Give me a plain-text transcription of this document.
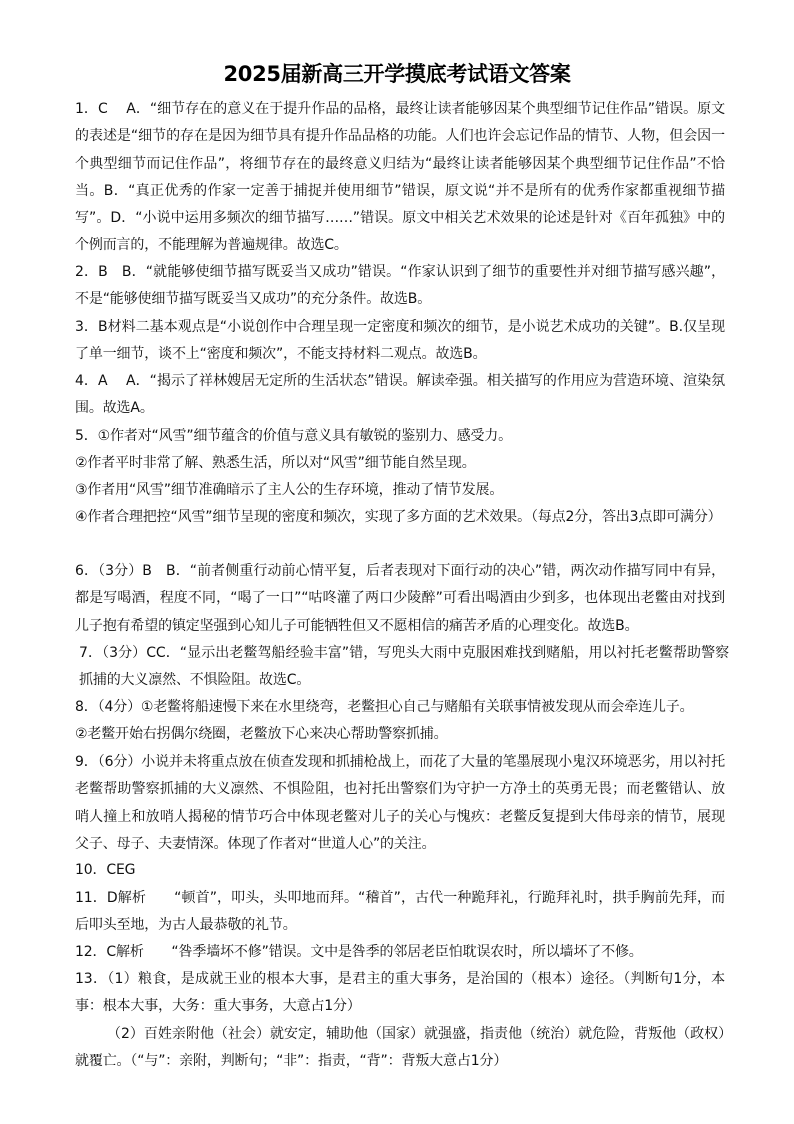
2025届新高三开学摸底考试语文答案

1．C　 A．“细节存在的意义在于提升作品的品格，最终让读者能够因某个典型细节记住作品”错误。原文的表述是“细节的存在是因为细节具有提升作品品格的功能。人们也许会忘记作品的情节、人物，但会因一个典型细节而记住作品”，将细节存在的最终意义归结为“最终让读者能够因某个典型细节记住作品”不恰当。B．“真正优秀的作家一定善于捕捉并使用细节”错误，原文说“并不是所有的优秀作家都重视细节描写”。D．“小说中运用多频次的细节描写……”错误。原文中相关艺术效果的论述是针对《百年孤独》中的个例而言的，不能理解为普遍规律。故选C。

2．B　B．“就能够使细节描写既妥当又成功”错误。“作家认识到了细节的重要性并对细节描写感兴趣”，不是“能够使细节描写既妥当又成功”的充分条件。故选B。

3．B材料二基本观点是“小说创作中合理呈现一定密度和频次的细节，是小说艺术成功的关键”。B.仅呈现了单一细节，谈不上“密度和频次”，不能支持材料二观点。故选B。

4．A　 A．“揭示了祥林嫂居无定所的生活状态”错误。解读牵强。相关描写的作用应为营造环境、渲染氛围。故选A。

5．①作者对“风雪”细节蕴含的价值与意义具有敏锐的鉴别力、感受力。

②作者平时非常了解、熟悉生活，所以对“风雪”细节能自然呈现。

③作者用“风雪”细节准确暗示了主人公的生存环境，推动了情节发展。

④作者合理把控“风雪”细节呈现的密度和频次，实现了多方面的艺术效果。（每点2分，答出3点即可满分）

6．（3分）B　B．“前者侧重行动前心情平复，后者表现对下面行动的决心”错，两次动作描写同中有异，都是写喝酒，程度不同，“喝了一口”“咕咚灌了两口少陵醉”可看出喝酒由少到多，也体现出老鳖由对找到儿子抱有希望的镇定坚强到心知儿子可能牺牲但又不愿相信的痛苦矛盾的心理变化。故选B。

7．（3分）CC．“显示出老鳖驾船经验丰富”错，写兜头大雨中克服困难找到赌船，用以衬托老鳖帮助警察抓捕的大义凛然、不惧险阻。故选C。

8．（4分）①老鳖将船速慢下来在水里绕弯，老鳖担心自己与赌船有关联事情被发现从而会牵连儿子。

②老鳖开始右拐偶尔绕圈，老鳖放下心来决心帮助警察抓捕。

9．（6分）小说并未将重点放在侦查发现和抓捕枪战上，而花了大量的笔墨展现小鬼汉环境恶劣，用以衬托老鳖帮助警察抓捕的大义凛然、不惧险阻，也衬托出警察们为守护一方净土的英勇无畏；而老鳖错认、放哨人撞上和放哨人揭秘的情节巧合中体现老鳖对儿子的关心与愧疚：老鳖反复提到大伟母亲的情节，展现父子、母子、夫妻情深。体现了作者对“世道人心”的关注。

10．CEG

11．D解析　　“顿首”，叩头，头叩地而拜。“稽首”，古代一种跪拜礼，行跪拜礼时，拱手胸前先拜，而后叩头至地，为古人最恭敬的礼节。

12．C解析　　“咎季墙坏不修”错误。文中是咎季的邻居老臣怕耽误农时，所以墙坏了不修。

13．（1）粮食，是成就王业的根本大事，是君主的重大事务，是治国的（根本）途径。（判断句1分，本事：根本大事，大务：重大事务，大意占1分）

（2）百姓亲附他（社会）就安定，辅助他（国家）就强盛，指责他（统治）就危险，背叛他（政权）就覆亡。（“与”：亲附，判断句；“非”：指责，“背”：背叛大意占1分）
